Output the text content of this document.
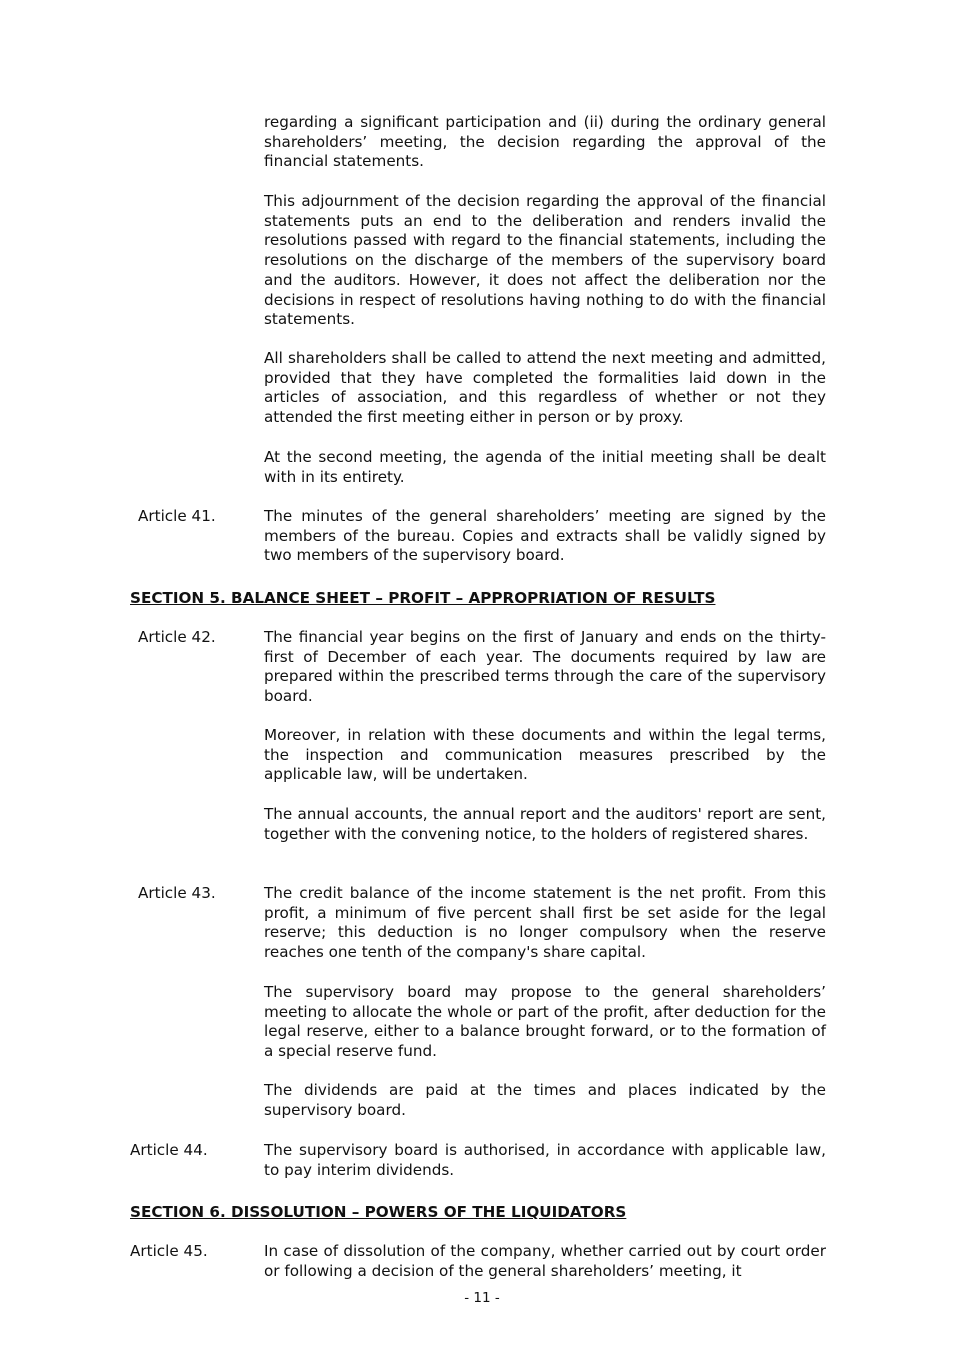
regarding a significant participation and (ii) during the ordinary general shareholders’ meeting, the decision regarding the approval of the financial statements.

This adjournment of the decision regarding the approval of the financial statements puts an end to the deliberation and renders invalid the resolutions passed with regard to the financial statements, including the resolutions on the discharge of the members of the supervisory board and the auditors. However, it does not affect the deliberation nor the decisions in respect of resolutions having nothing to do with the financial statements.

All shareholders shall be called to attend the next meeting and admitted, provided that they have completed the formalities laid down in the articles of association, and this regardless of whether or not they attended the first meeting either in person or by proxy.

At the second meeting, the agenda of the initial meeting shall be dealt with in its entirety.

Article 41.	The minutes of the general shareholders’ meeting are signed by the members of the bureau. Copies and extracts shall be validly signed by two members of the supervisory board.

SECTION 5. BALANCE SHEET – PROFIT – APPROPRIATION OF RESULTS

Article 42.	The financial year begins on the first of January and ends on the thirty-first of December of each year. The documents required by law are prepared within the prescribed terms through the care of the supervisory board.

Moreover, in relation with these documents and within the legal terms, the inspection and communication measures prescribed by the applicable law, will be undertaken.

The annual accounts, the annual report and the auditors' report are sent, together with the convening notice, to the holders of registered shares.

Article 43.	The credit balance of the income statement is the net profit. From this profit, a minimum of five percent shall first be set aside for the legal reserve; this deduction is no longer compulsory when the reserve reaches one tenth of the company's share capital.

The supervisory board may propose to the general shareholders’ meeting to allocate the whole or part of the profit, after deduction for the legal reserve, either to a balance brought forward, or to the formation of a special reserve fund.

The dividends are paid at the times and places indicated by the supervisory board.

Article 44.	The supervisory board is authorised, in accordance with applicable law, to pay interim dividends.

SECTION 6. DISSOLUTION – POWERS OF THE LIQUIDATORS

Article 45.	In case of dissolution of the company, whether carried out by court order or following a decision of the general shareholders’ meeting, it

- 11 -
